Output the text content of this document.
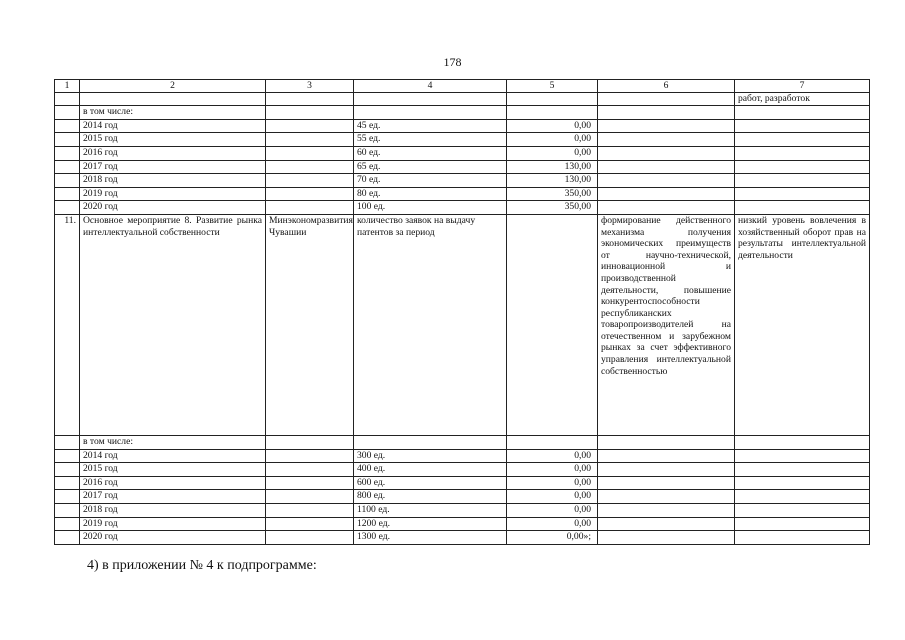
178
1	2	3	4	5	6	7
						работ, разработок
	в том числе:					
	2014 год		45 ед.	0,00		
	2015 год		55 ед.	0,00		
	2016 год		60 ед.	0,00		
	2017 год		65 ед.	130,00		
	2018 год		70 ед.	130,00		
	2019 год		80 ед.	350,00		
	2020 год		100 ед.	350,00		
11.	Основное мероприятие 8. Развитие рынка интеллектуальной собственности	Минэкономразвития Чувашии	количество заявок на выдачу патентов за период		формирование действенного механизма получения экономических преимуществ от научно-технической, инновационной и производственной деятельности, повышение конкурентоспособности республиканских товаропроизводителей на отечественном и зарубежном рынках за счет эффективного управления интеллектуальной собственностью	низкий уровень вовлечения в хозяйственный оборот прав на результаты интеллектуальной деятельности
	в том числе:					
	2014 год		300 ед.	0,00		
	2015 год		400 ед.	0,00		
	2016 год		600 ед.	0,00		
	2017 год		800 ед.	0,00		
	2018 год		1100 ед.	0,00		
	2019 год		1200 ед.	0,00		
	2020 год		1300 ед.	0,00»;		
4) в приложении № 4 к подпрограмме:
